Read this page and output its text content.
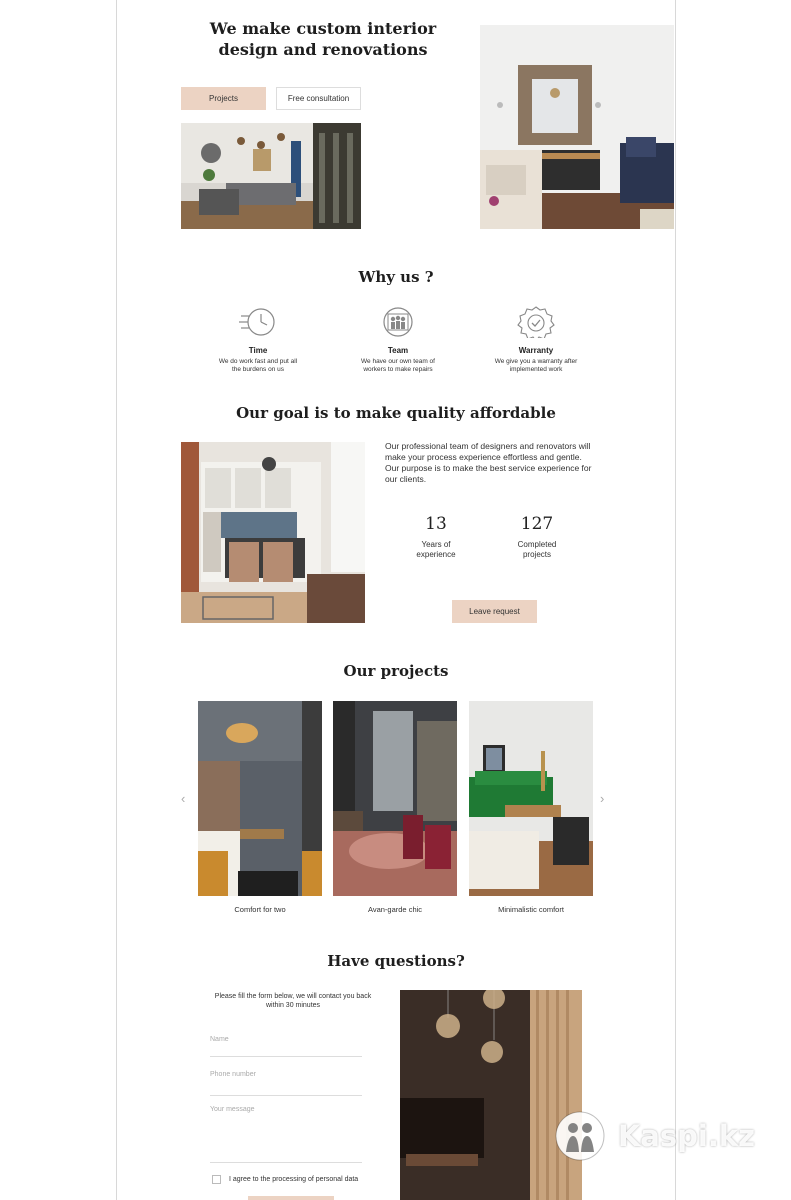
We make custom interior design and renovations
Projects	Free consultation
Why us ?
Time
We do work fast and put all the burdens on us
Team
We have our own team of workers to make repairs
Warranty
We give you a warranty after implemented work
Our goal is to make quality affordable
Our professional team of designers and renovators will make your process experience effortless and gentle.
Our purpose is to make the best service experience for our clients.
13
Years of experience
127
Completed projects
Leave request
Our projects
‹	›
Comfort for two	Avan-garde chic	Minimalistic comfort
Have questions?
Please fill the form below, we will contact you back within 30 minutes
Name
Phone number
Your message
I agree to the processing of personal data
Kaspi.kz
